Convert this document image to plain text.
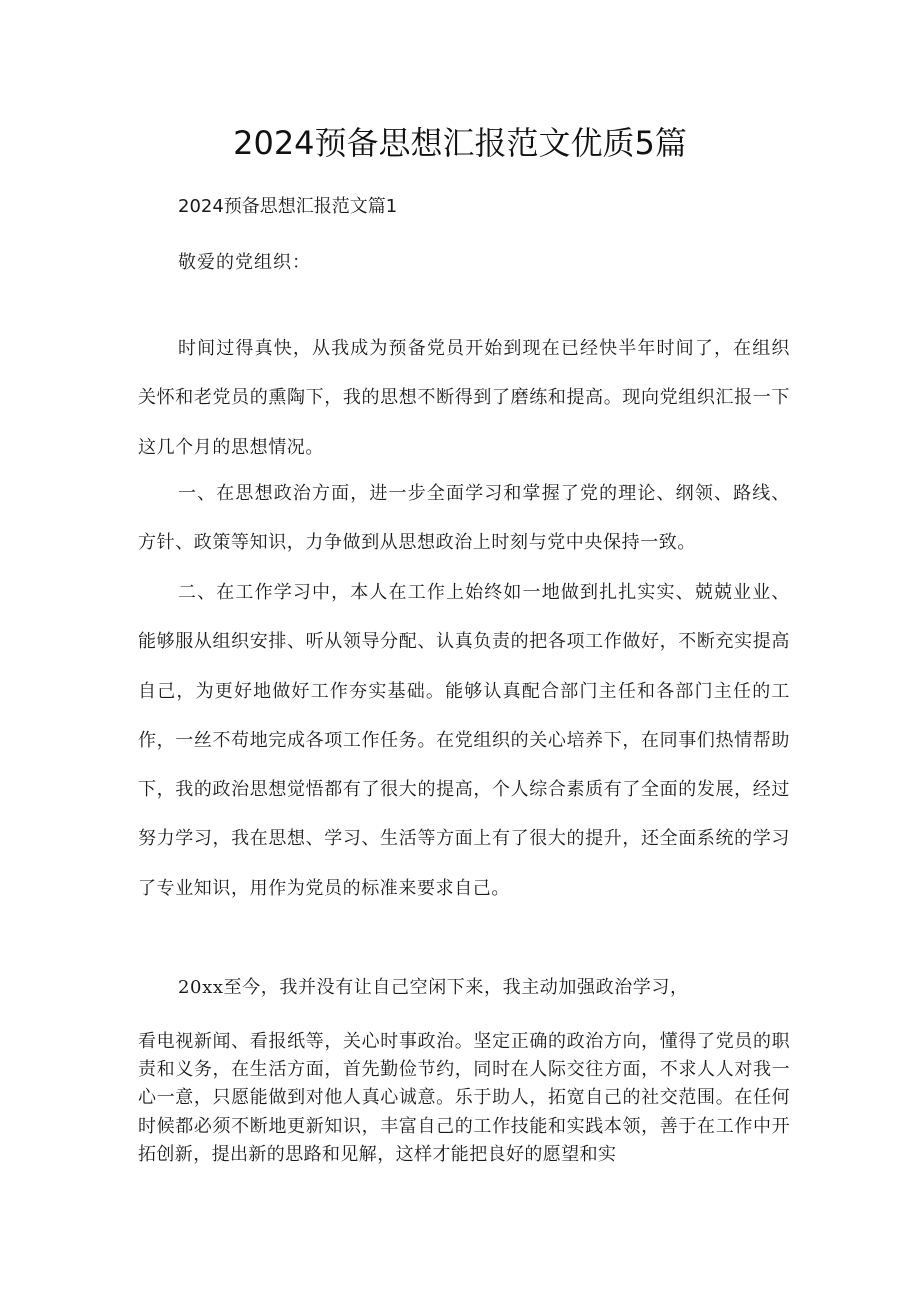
2024预备思想汇报范文优质5篇
2024预备思想汇报范文篇1

敬爱的党组织：

时间过得真快，从我成为预备党员开始到现在已经快半年时间了，在组织关怀和老党员的熏陶下，我的思想不断得到了磨练和提高。现向党组织汇报一下这几个月的思想情况。

一、在思想政治方面，进一步全面学习和掌握了党的理论、纲领、路线、方针、政策等知识，力争做到从思想政治上时刻与党中央保持一致。

二、在工作学习中，本人在工作上始终如一地做到扎扎实实、兢兢业业、能够服从组织安排、听从领导分配、认真负责的把各项工作做好，不断充实提高自己，为更好地做好工作夯实基础。能够认真配合部门主任和各部门主任的工作，一丝不苟地完成各项工作任务。在党组织的关心培养下，在同事们热情帮助下，我的政治思想觉悟都有了很大的提高，个人综合素质有了全面的发展，经过努力学习，我在思想、学习、生活等方面上有了很大的提升，还全面系统的学习了专业知识，用作为党员的标准来要求自己。

20xx至今，我并没有让自己空闲下来，我主动加强政治学习，

看电视新闻、看报纸等，关心时事政治。坚定正确的政治方向，懂得了党员的职责和义务，在生活方面，首先勤俭节约，同时在人际交往方面，不求人人对我一心一意，只愿能做到对他人真心诚意。乐于助人，拓宽自己的社交范围。在任何时候都必须不断地更新知识，丰富自己的工作技能和实践本领，善于在工作中开拓创新，提出新的思路和见解，这样才能把良好的愿望和实
